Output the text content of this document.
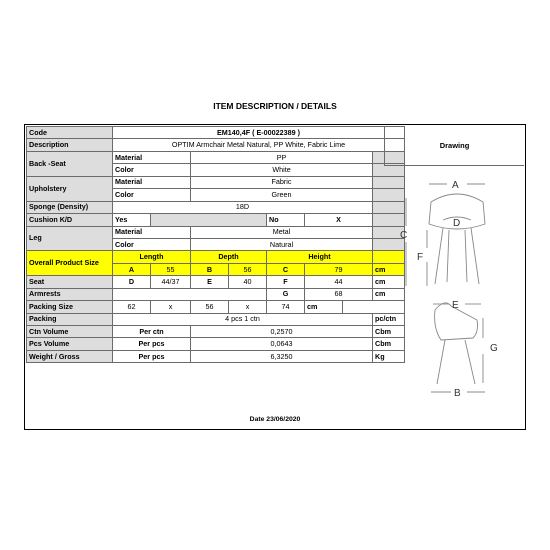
ITEM DESCRIPTION / DETAILS
Code	EM140,4F ( E-00022389 )							
Description	OPTIM Armchair Metal Natural, PP White, Fabric Lime							
Back -Seat	Material		PP					
	Color		White					
Upholstery	Material		Fabric					
	Color		Green					
Sponge (Density)	18D							
Cushion K/D	Yes				No	X		
Leg	Material		Metal					
	Color		Natural					
Overall Product Size	Length		Depth		Height			
	A	55	B	56	C	79		cm
Seat	D	44/37	E	40	F	44		cm
Armrests					G	68		cm
Packing Size	62	x	56	x	74	cm		
Packing	4 pcs 1 ctn							pc/ctn
Ctn Volume	Per ctn		0,2570					Cbm
Pcs Volume	Per pcs		0,0643					Cbm
Weight / Gross	Per pcs		6,3250					Kg
Drawing
A
C
D
F
E
G
B
Date 23/06/2020
